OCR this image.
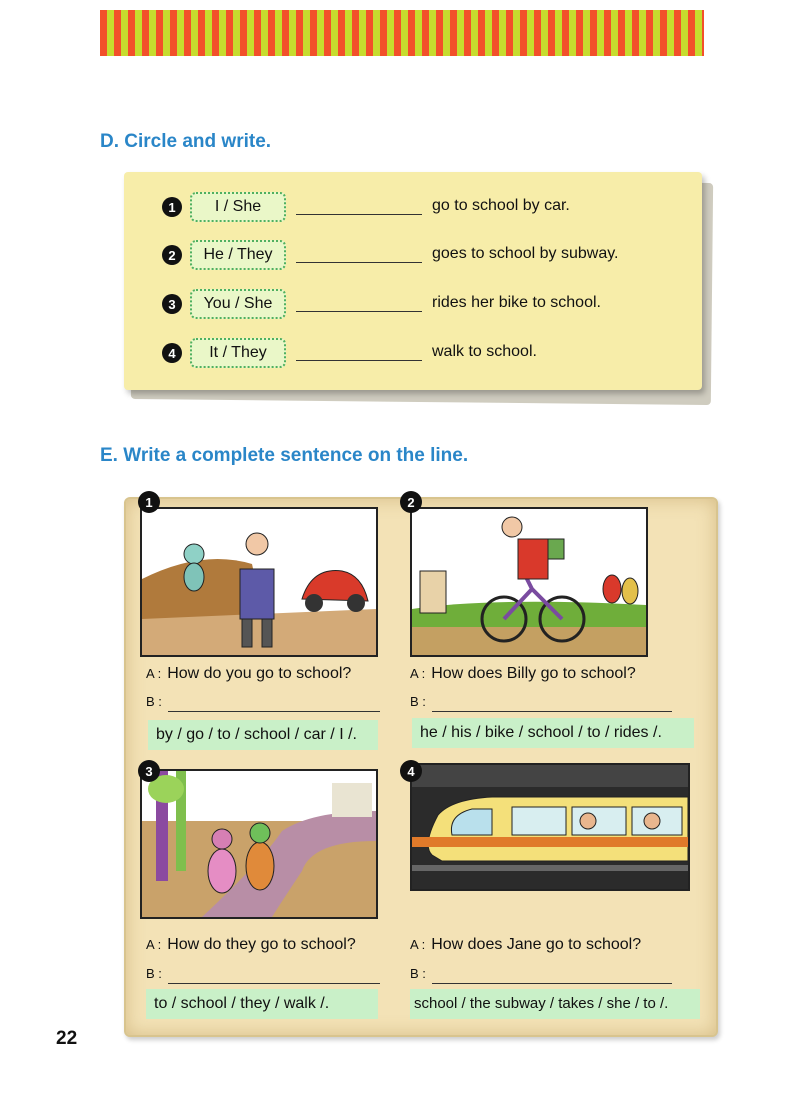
D. Circle and write.
1	I / She	go to school by car.
2	He / They	goes to school by subway.
3	You / She	rides her bike to school.
4	It / They	walk to school.
E. Write a complete sentence on the line.
1	2
A : How do you go to school?
B :
by / go / to / school / car / I /.
A : How does Billy go to school?
B :
he / his / bike / school / to / rides /.
3	4
A : How do they go to school?
B :
to / school / they / walk /.
A : How does Jane go to school?
B :
school / the subway / takes / she / to /.
22
